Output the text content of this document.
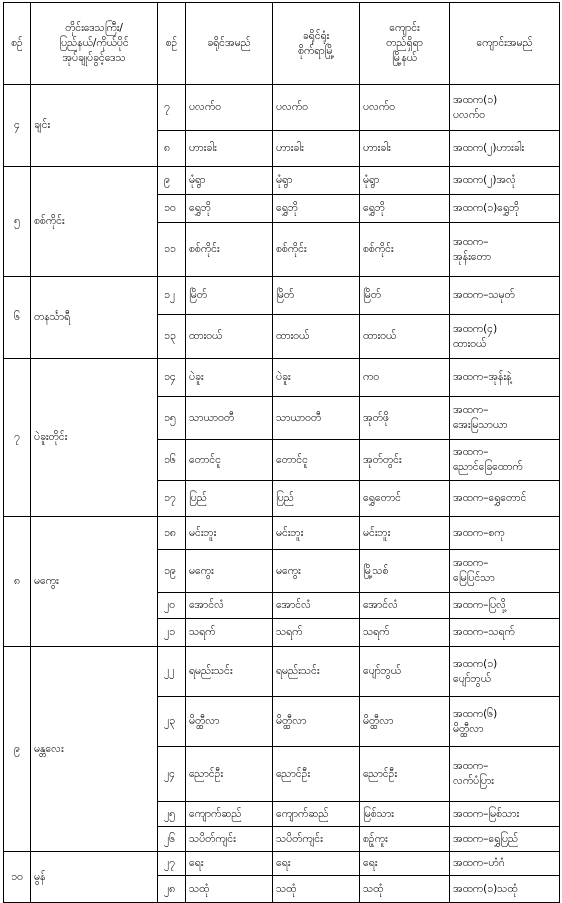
စဉ်	တိုင်းဒေသကြီး/
ပြည်နယ်/ကိုယ်ပိုင်
အုပ်ချုပ်ခွင့်ဒေသ	စဉ်	ခရိုင်အမည်	ခရိုင်ရုံး
စိုက်ရာမြို့	ကျောင်း
တည်ရှိရာ
မြို့နယ်	ကျောင်းအမည်
၄	ချင်း	၇	ပလက်ဝ	ပလက်ဝ	ပလက်ဝ	အထက(၁)
ပလက်ဝ
		၈	ဟားခါး	ဟားခါး	ဟားခါး	အထက(၂)ဟားခါး
၅	စစ်ကိုင်း	၉	မုံရွာ	မုံရွာ	မုံရွာ	အထက(၂)အလုံ
		၁၀	ရွှေဘို	ရွှေဘို	ရွှေဘို	အထက(၁)ရွှေဘို
		၁၁	စစ်ကိုင်း	စစ်ကိုင်း	စစ်ကိုင်း	အထက–
အုန်းတော
၆	တနင်္သာရီ	၁၂	မြိတ်	မြိတ်	မြိတ်	အထက–သမုတ်
		၁၃	ထားဝယ်	ထားဝယ်	ထားဝယ်	အထက(၄)
ထားဝယ်
၇	ပဲခူးတိုင်း	၁၄	ပဲခူး	ပဲခူး	ကဝ	အထက–အုန်းနဲ့
		၁၅	သာယာဝတီ	သာယာဝတီ	အုတ်ဖို	အထက–
အေးမြသာယာ
		၁၆	တောင်ငူ	တောင်ငူ	အုတ်တွင်း	အထက–
ညောင်ခြေထောက်
		၁၇	ပြည်	ပြည်	ရွှေတောင်	အထက–ရွှေတောင်
၈	မကွေး	၁၈	မင်းဘူး	မင်းဘူး	မင်းဘူး	အထက–စကု
		၁၉	မကွေး	မကွေး	မြို့သစ်	အထက–
မြေပြင်သာ
		၂၀	အောင်လံ	အောင်လံ	အောင်လံ	အထက–ပြလို့
		၂၁	သရက်	သရက်	သရက်	အထက–သရက်
၉	မန္တလေး	၂၂	ရမည်းသင်း	ရမည်းသင်း	ပျော်ဘွယ်	အထက(၁)
ပျော်ဘွယ်
		၂၃	မိတ္ထီလာ	မိတ္ထီလာ	မိတ္ထီလာ	အထက(၆)
မိတ္ထီလာ
		၂၄	ညောင်ဦး	ညောင်ဦး	ညောင်ဦး	အထက–
လက်ပံပြား
		၂၅	ကျောက်ဆည်	ကျောက်ဆည်	မြစ်သား	အထက–မြစ်သား
		၂၆	သပိတ်ကျင်း	သပိတ်ကျင်း	စဥ့်ကူး	အထက–ရွှေပြည်
၁၀	မွန်	၂၇	ရေး	ရေး	ရေး	အထက–ဟံဂံ
		၂၈	သထုံ	သထုံ	သထုံ	အထက(၁)သထုံ
